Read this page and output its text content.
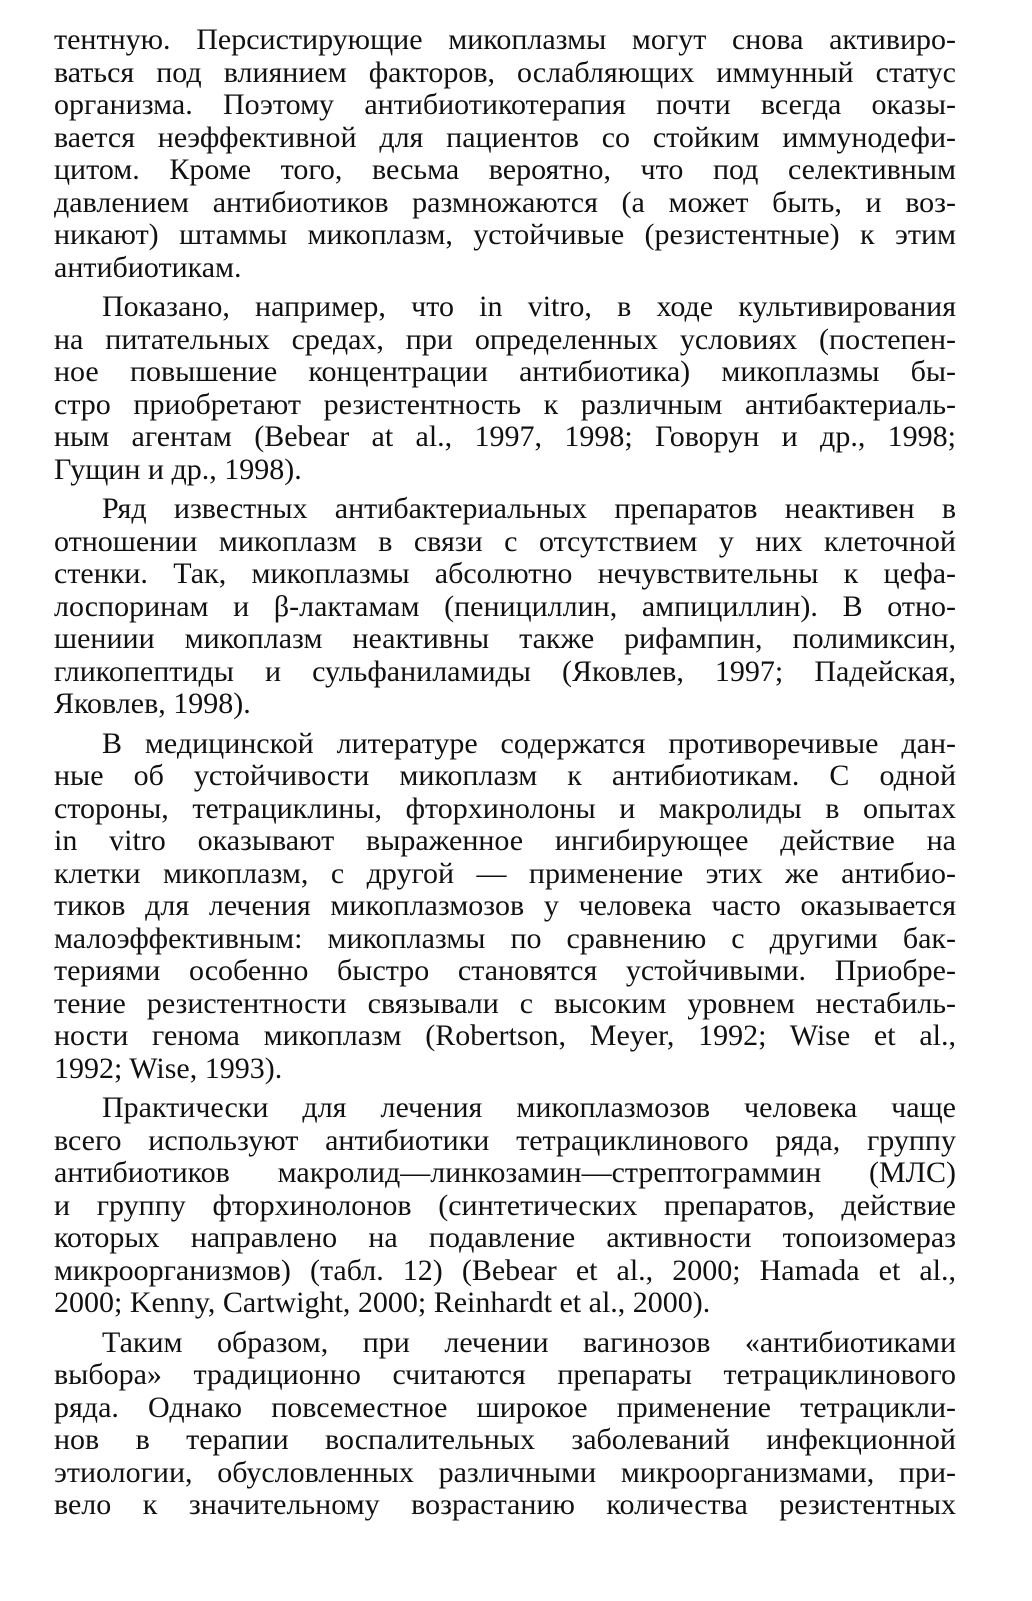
тентную. Персистирующие микоплазмы могут снова активиро-
ваться под влиянием факторов, ослабляющих иммунный статус
организма. Поэтому антибиотикотерапия почти всегда оказы-
вается неэффективной для пациентов со стойким иммунодефи-
цитом. Кроме того, весьма вероятно, что под селективным
давлением антибиотиков размножаются (а может быть, и воз-
никают) штаммы микоплазм, устойчивые (резистентные) к этим
антибиотикам.

Показано, например, что in vitro, в ходе культивирования
на питательных средах, при определенных условиях (постепен-
ное повышение концентрации антибиотика) микоплазмы бы-
стро приобретают резистентность к различным антибактериаль-
ным агентам (Bebear at al., 1997, 1998; Говорун и др., 1998;
Гущин и др., 1998).

Ряд известных антибактериальных препаратов неактивен в
отношении микоплазм в связи с отсутствием у них клеточной
стенки. Так, микоплазмы абсолютно нечувствительны к цефа-
лоспоринам и β-лактамам (пенициллин, ампициллин). В отно-
шениии микоплазм неактивны также рифампин, полимиксин,
гликопептиды и сульфаниламиды (Яковлев, 1997; Падейская,
Яковлев, 1998).

В медицинской литературе содержатся противоречивые дан-
ные об устойчивости микоплазм к антибиотикам. С одной
стороны, тетрациклины, фторхинолоны и макролиды в опытах
in vitro оказывают выраженное ингибирующее действие на
клетки микоплазм, с другой — применение этих же антибио-
тиков для лечения микоплазмозов у человека часто оказывается
малоэффективным: микоплазмы по сравнению с другими бак-
териями особенно быстро становятся устойчивыми. Приобре-
тение резистентности связывали с высоким уровнем нестабиль-
ности генома микоплазм (Robertson, Meyer, 1992; Wise et al.,
1992; Wise, 1993).

Практически для лечения микоплазмозов человека чаще
всего используют антибиотики тетрациклинового ряда, группу
антибиотиков макролид—линкозамин—стрептограммин (МЛС)
и группу фторхинолонов (синтетических препаратов, действие
которых направлено на подавление активности топоизомераз
микроорганизмов) (табл. 12) (Bebear et al., 2000; Hamada et al.,
2000; Kenny, Cartwight, 2000; Reinhardt et al., 2000).

Таким образом, при лечении вагинозов «антибиотиками
выбора» традиционно считаются препараты тетрациклинового
ряда. Однако повсеместное широкое применение тетрацикли-
нов в терапии воспалительных заболеваний инфекционной
этиологии, обусловленных различными микроорганизмами, при-
вело к значительному возрастанию количества резистентных
